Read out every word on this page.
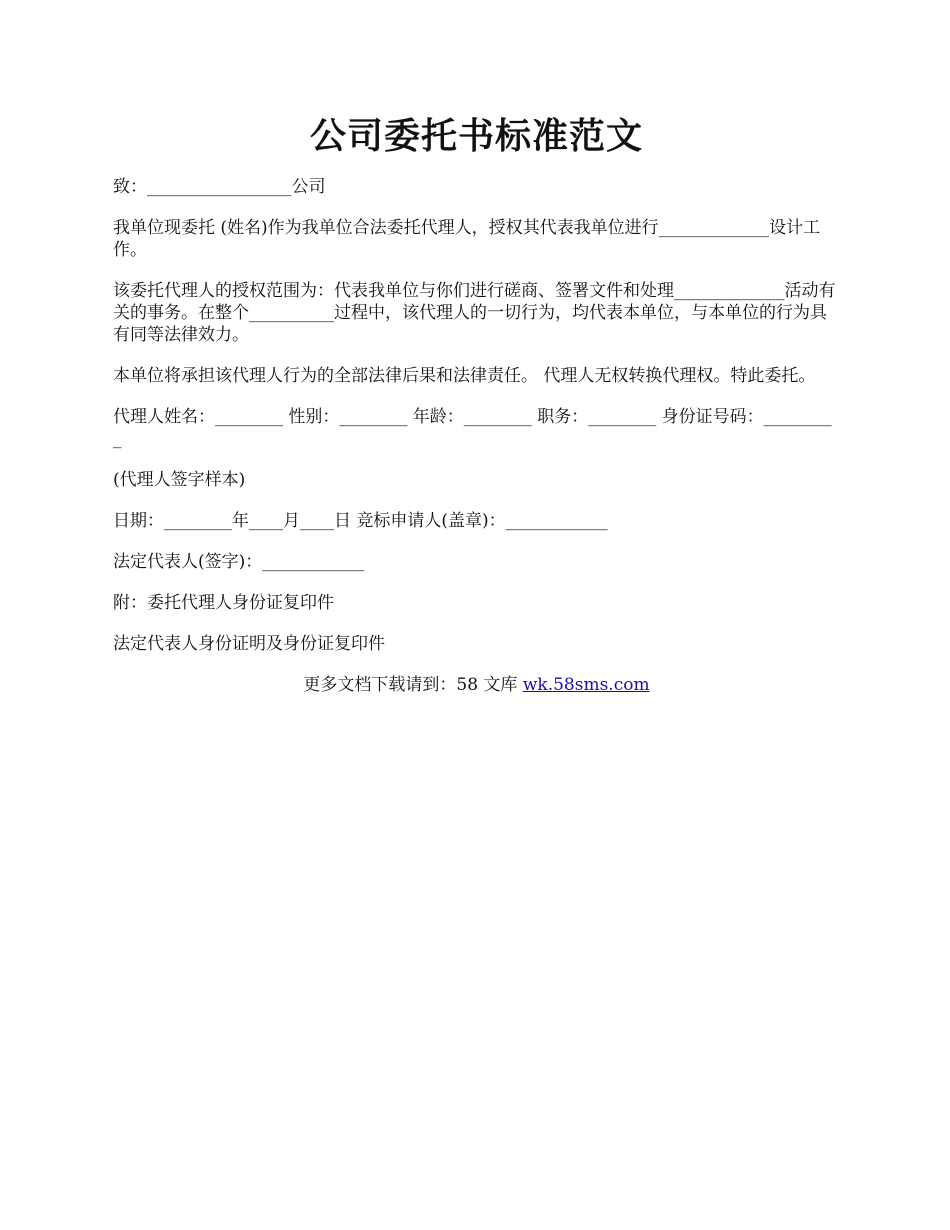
公司委托书标准范文

致：_________________公司

我单位现委托 (姓名)作为我单位合法委托代理人，授权其代表我单位进行_____________设计工作。

该委托代理人的授权范围为：代表我单位与你们进行磋商、签署文件和处理_____________活动有关的事务。在整个__________过程中，该代理人的一切行为，均代表本单位，与本单位的行为具有同等法律效力。

本单位将承担该代理人行为的全部法律后果和法律责任。 代理人无权转换代理权。特此委托。

代理人姓名：________ 性别：________ 年龄：________ 职务：________ 身份证号码：_________

(代理人签字样本)

日期：________年____月____日 竞标申请人(盖章)：____________

法定代表人(签字)：____________

附：委托代理人身份证复印件

法定代表人身份证明及身份证复印件

更多文档下载请到：58 文库 wk.58sms.com
